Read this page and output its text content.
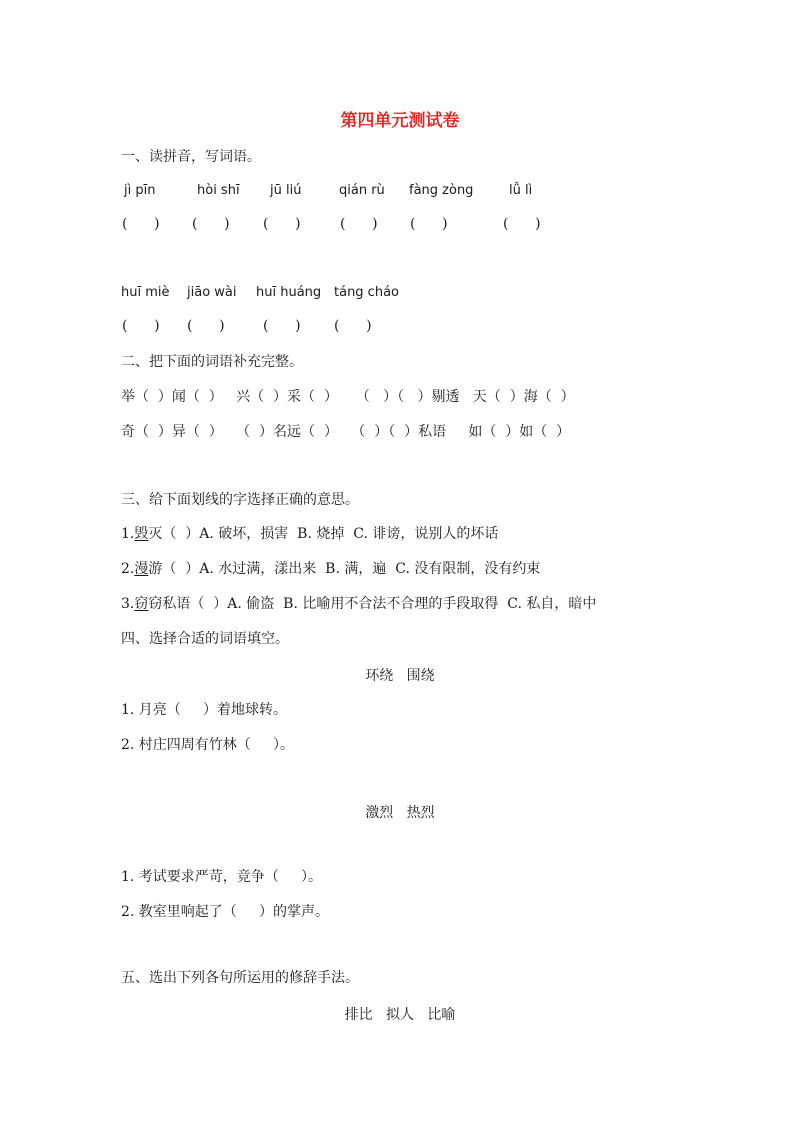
第四单元测试卷
一、读拼音，写词语。
jì pīn	hòi shī jū liú	qián rù fàng zòng	lǚ lì
(      ) (      ) (      )	(      ) (      )	(      )
huī miè jiāo wài huī huáng táng cháo
(      ) (      )	(      ) (      )
二、把下面的词语补充完整。
举（  ）闻（  ）   兴（  ）采（  ）    （   ）（   ）剔透   天（  ）海（  ）
奇（  ）异（  ）   （  ）名远（  ）   （  ）（  ）私语     如（  ）如（  ）
三、给下面划线的字选择正确的意思。
1.毁灭（  ）A. 破坏，损害  B. 烧掉  C. 诽谤，说别人的坏话
2.漫游（  ）A. 水过满，漾出来  B. 满，遍  C. 没有限制，没有约束
3.窃窃私语（  ）A. 偷盗  B. 比喻用不合法不合理的手段取得  C. 私自，暗中
四、选择合适的词语填空。
环绕   围绕
1. 月亮（     ）着地球转。
2. 村庄四周有竹林（     ）。
激烈   热烈
1. 考试要求严苛，竞争（     ）。
2. 教室里响起了（     ）的掌声。
五、选出下列各句所运用的修辞手法。
排比   拟人   比喻
